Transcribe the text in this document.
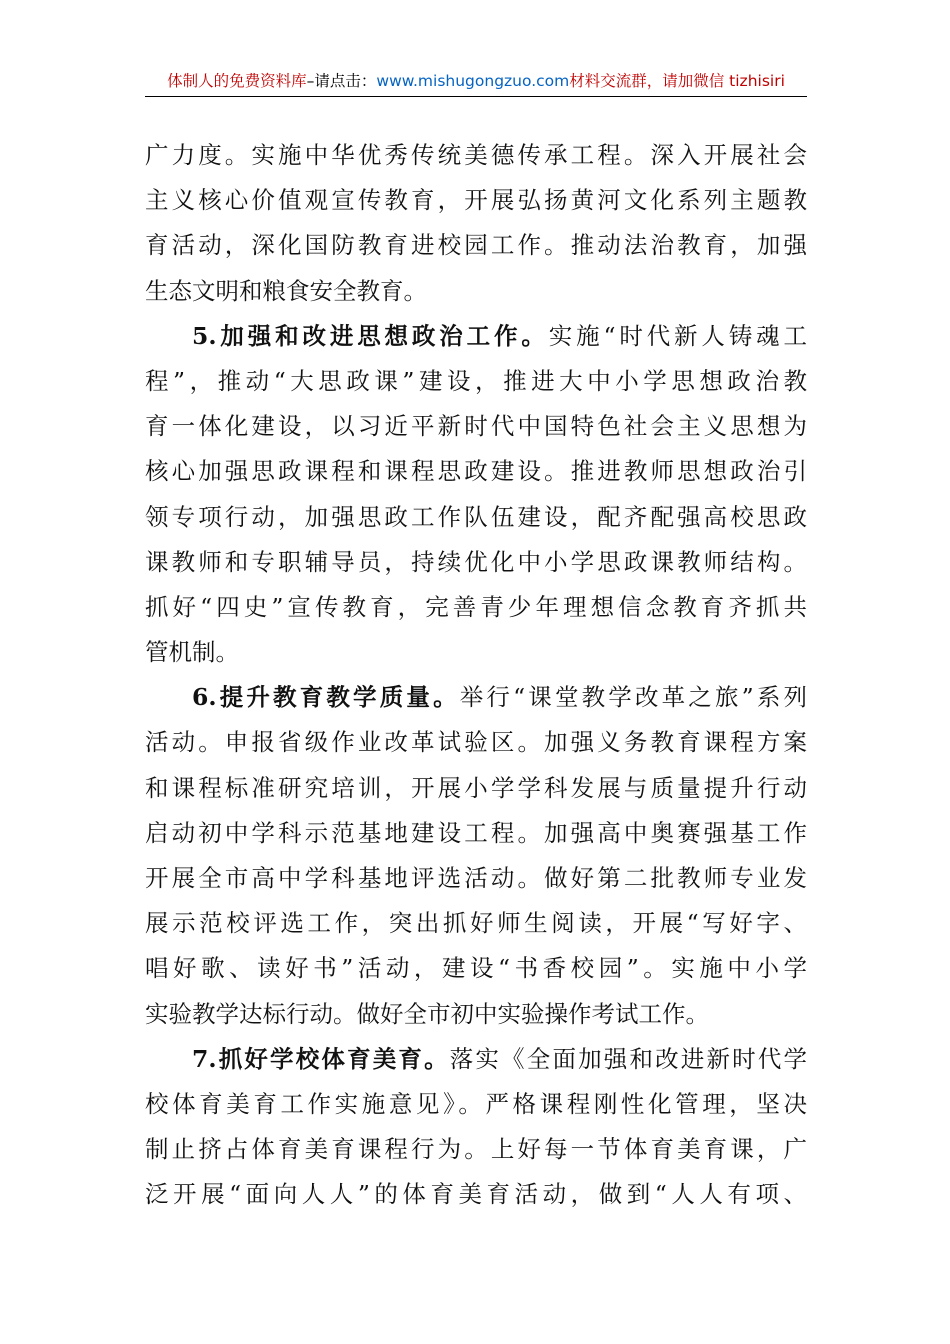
体制人的免费资料库–请点击：www.mishugongzuo.com材料交流群，请加微信 tizhisiri
广力度。实施中华优秀传统美德传承工程。深入开展社会
主义核心价值观宣传教育，开展弘扬黄河文化系列主题教
育活动，深化国防教育进校园工作。推动法治教育，加强
生态文明和粮食安全教育。
5.加强和改进思想政治工作。实施“时代新人铸魂工
程”，推动“大思政课”建设，推进大中小学思想政治教
育一体化建设，以习近平新时代中国特色社会主义思想为
核心加强思政课程和课程思政建设。推进教师思想政治引
领专项行动，加强思政工作队伍建设，配齐配强高校思政
课教师和专职辅导员，持续优化中小学思政课教师结构。
抓好“四史”宣传教育，完善青少年理想信念教育齐抓共
管机制。
6.提升教育教学质量。举行“课堂教学改革之旅”系列
活动。申报省级作业改革试验区。加强义务教育课程方案
和课程标准研究培训，开展小学学科发展与质量提升行动
启动初中学科示范基地建设工程。加强高中奥赛强基工作
开展全市高中学科基地评选活动。做好第二批教师专业发
展示范校评选工作，突出抓好师生阅读，开展“写好字、
唱好歌、读好书”活动，建设“书香校园”。实施中小学
实验教学达标行动。做好全市初中实验操作考试工作。
7.抓好学校体育美育。落实《全面加强和改进新时代学
校体育美育工作实施意见》。严格课程刚性化管理，坚决
制止挤占体育美育课程行为。上好每一节体育美育课，广
泛开展“面向人人”的体育美育活动，做到“人人有项、
